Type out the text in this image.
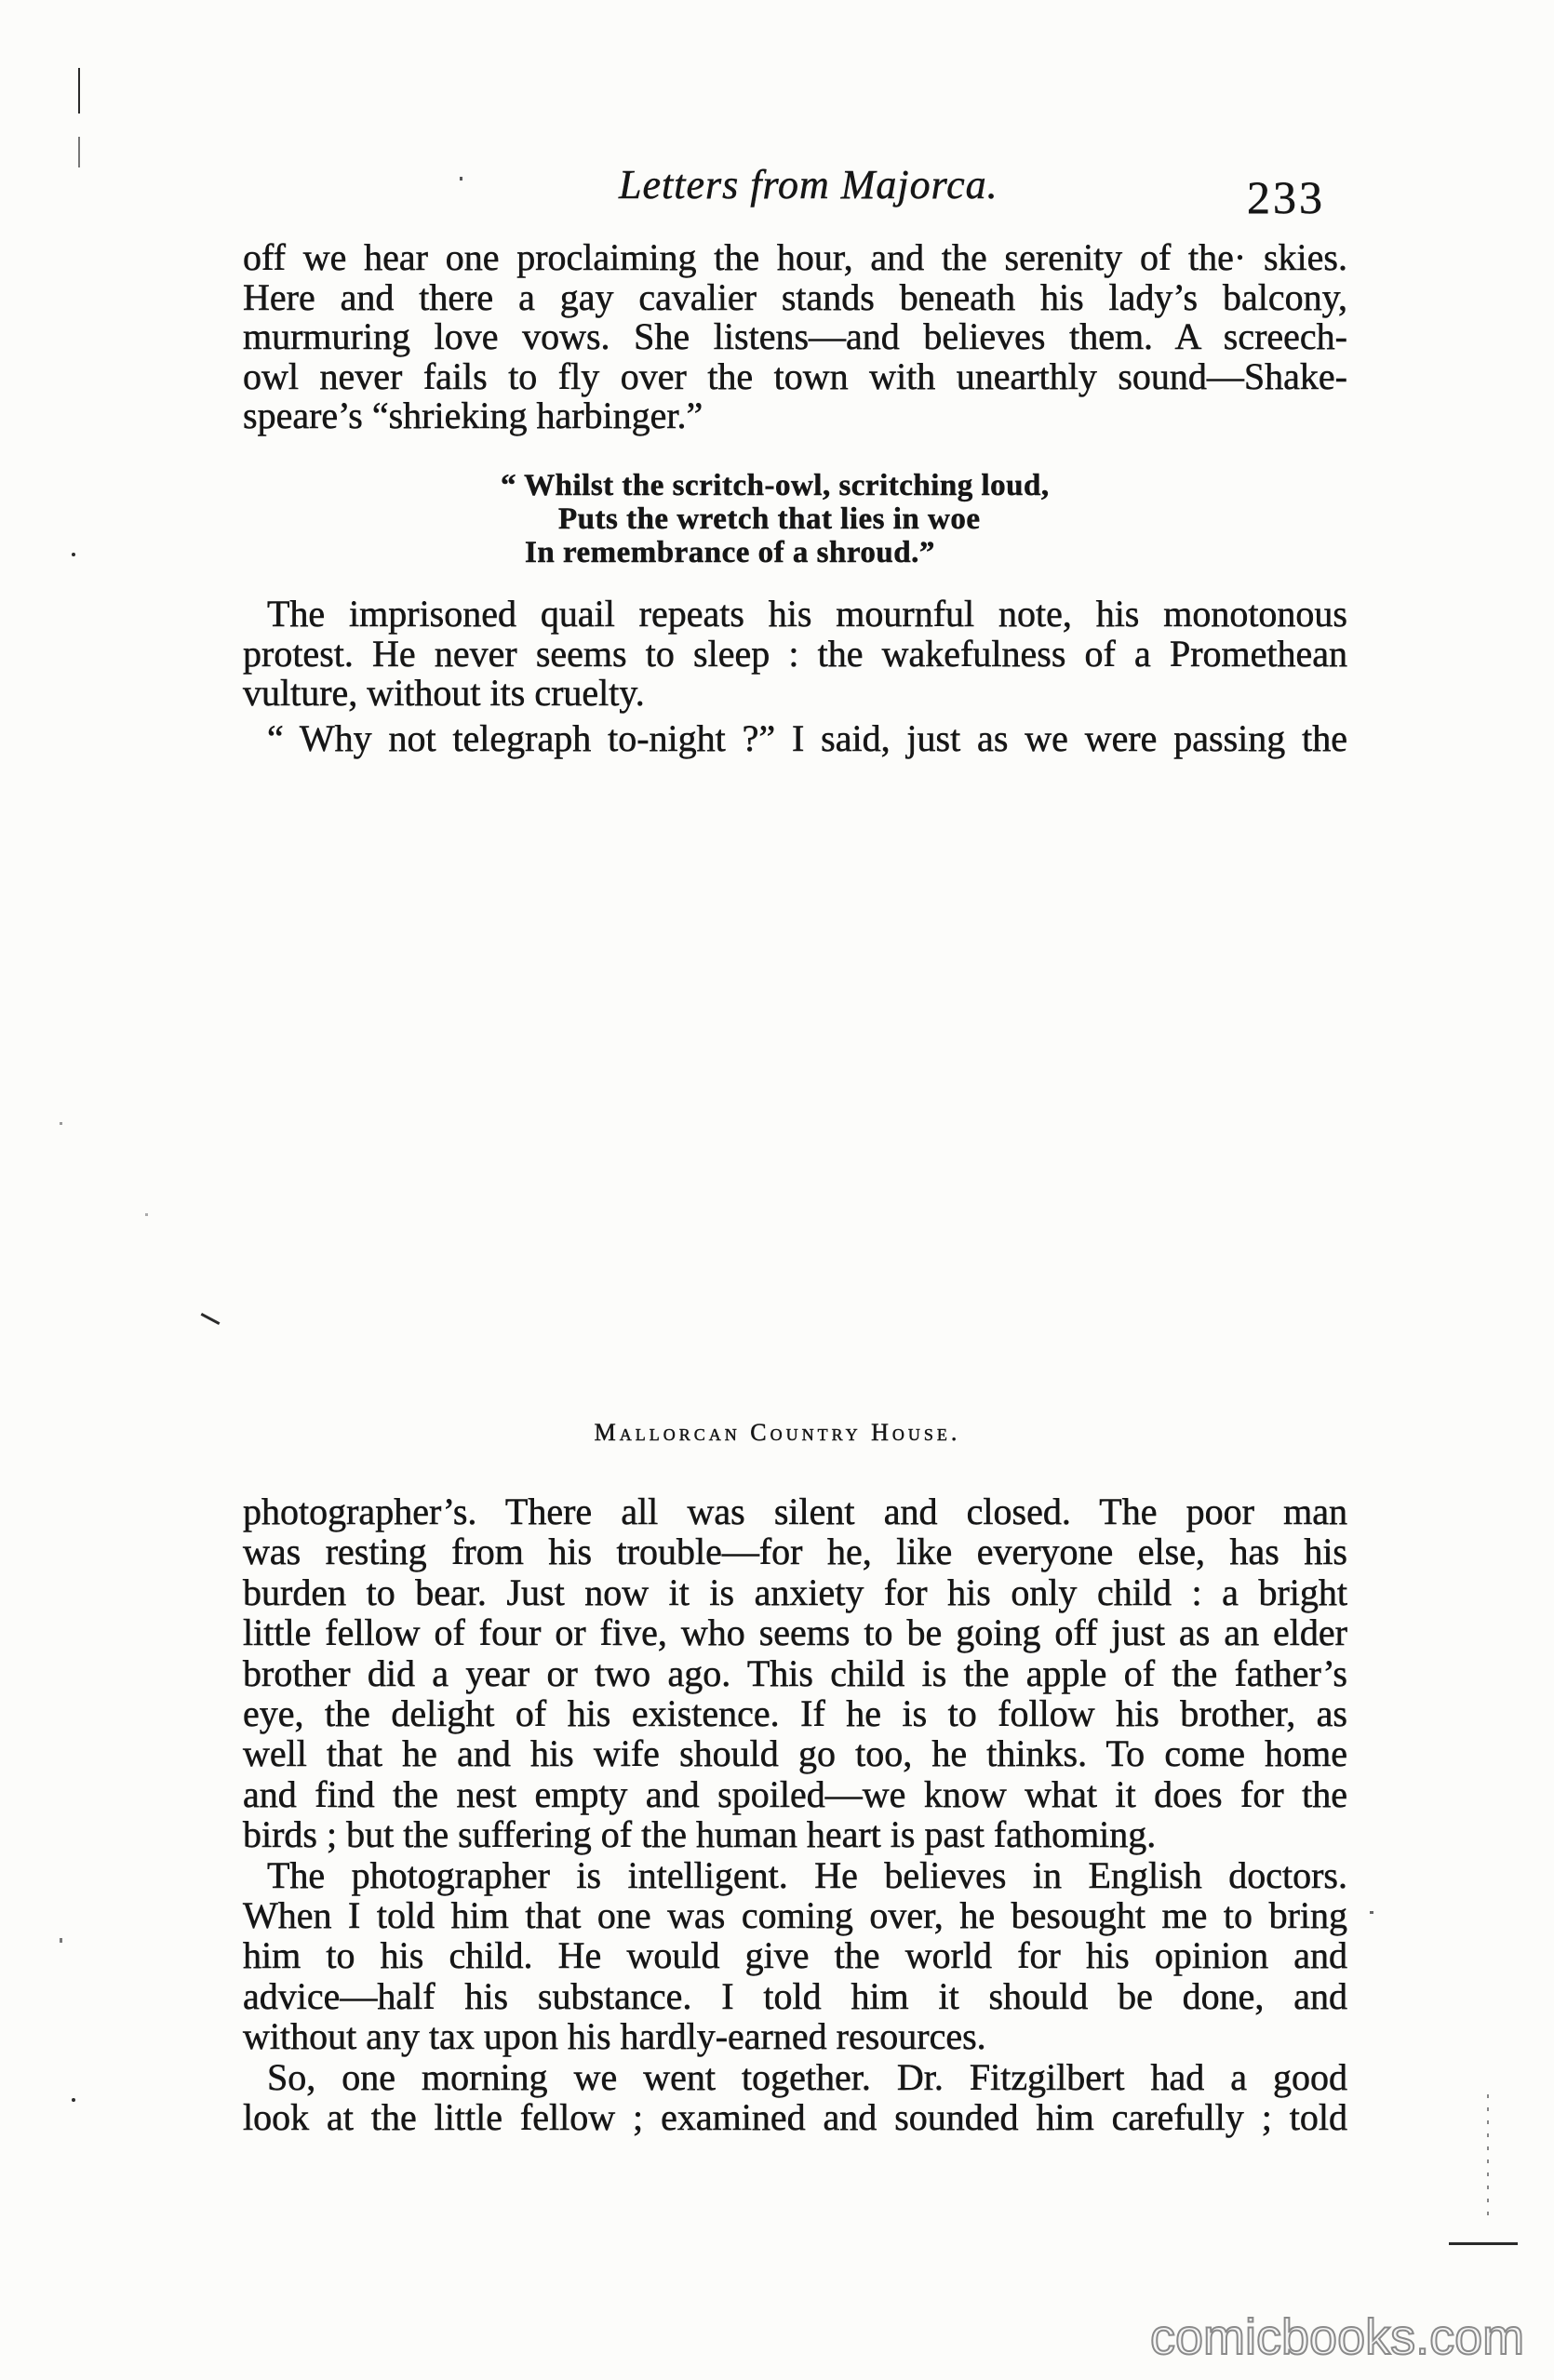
Letters from Majorca.	233
off we hear one proclaiming the hour, and the serenity of the· skies.
Here and there a gay cavalier stands beneath his lady’s balcony,
murmuring love vows. She listens—and believes them. A screech-
owl never fails to fly over the town with unearthly sound—Shake-
speare’s “shrieking harbinger.”
“ Whilst the scritch-owl, scritching loud,
Puts the wretch that lies in woe
In remembrance of a shroud.”
The imprisoned quail repeats his mournful note, his monotonous
protest. He never seems to sleep : the wakefulness of a Promethean
vulture, without its cruelty.
“ Why not telegraph to-night ?” I said, just as we were passing the
Mallorcan Country House.
photographer’s. There all was silent and closed. The poor man
was resting from his trouble—for he, like everyone else, has his
burden to bear. Just now it is anxiety for his only child : a bright
little fellow of four or five, who seems to be going off just as an elder
brother did a year or two ago. This child is the apple of the father’s
eye, the delight of his existence. If he is to follow his brother, as
well that he and his wife should go too, he thinks. To come home
and find the nest empty and spoiled—we know what it does for the
birds ; but the suffering of the human heart is past fathoming.
The photographer is intelligent. He believes in English doctors.
When I told him that one was coming over, he besought me to bring
him to his child. He would give the world for his opinion and
advice—half his substance. I told him it should be done, and
without any tax upon his hardly-earned resources.
So, one morning we went together. Dr. Fitzgilbert had a good
look at the little fellow ; examined and sounded him carefully ; told
comicbooks.com
